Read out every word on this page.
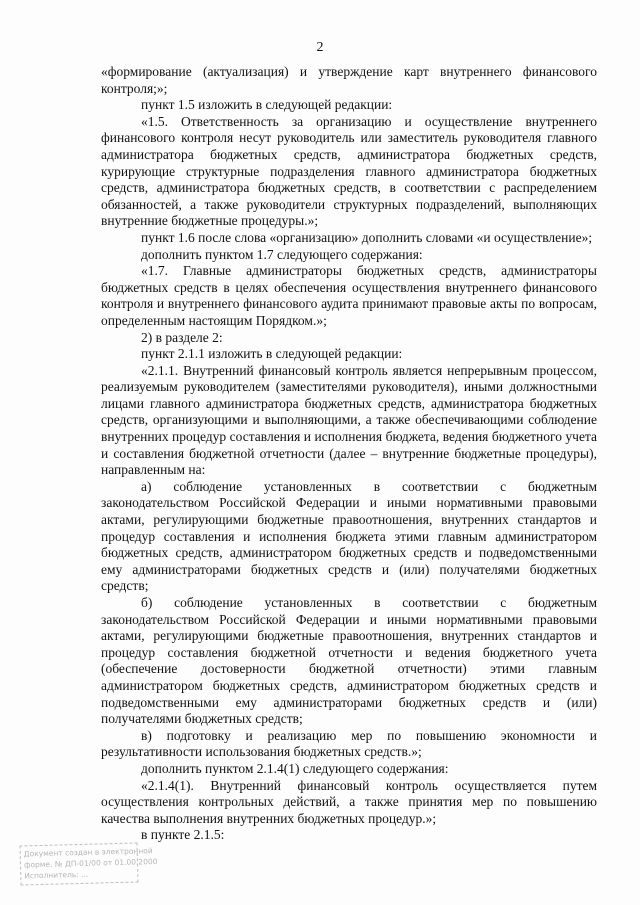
2

«формирование (актуализация) и утверждение карт внутреннего финансового контроля;»;

пункт 1.5 изложить в следующей редакции:

«1.5. Ответственность за организацию и осуществление внутреннего финансового контроля несут руководитель или заместитель руководителя главного администратора бюджетных средств, администратора бюджетных средств, курирующие структурные подразделения главного администратора бюджетных средств, администратора бюджетных средств, в соответствии с распределением обязанностей, а также руководители структурных подразделений, выполняющих внутренние бюджетные процедуры.»;

пункт 1.6 после слова «организацию» дополнить словами «и осуществление»;

дополнить пунктом 1.7 следующего содержания:

«1.7. Главные администраторы бюджетных средств, администраторы бюджетных средств в целях обеспечения осуществления внутреннего финансового контроля и внутреннего финансового аудита принимают правовые акты по вопросам, определенным настоящим Порядком.»;

2) в разделе 2:

пункт 2.1.1 изложить в следующей редакции:

«2.1.1. Внутренний финансовый контроль является непрерывным процессом, реализуемым руководителем (заместителями руководителя), иными должностными лицами главного администратора бюджетных средств, администратора бюджетных средств, организующими и выполняющими, а также обеспечивающими соблюдение внутренних процедур составления и исполнения бюджета, ведения бюджетного учета и составления бюджетной отчетности (далее – внутренние бюджетные процедуры), направленным на:

а) соблюдение установленных в соответствии с бюджетным законодательством Российской Федерации и иными нормативными правовыми актами, регулирующими бюджетные правоотношения, внутренних стандартов и процедур составления и исполнения бюджета этими главным администратором бюджетных средств, администратором бюджетных средств и подведомственными ему администраторами бюджетных средств и (или) получателями бюджетных средств;

б) соблюдение установленных в соответствии с бюджетным законодательством Российской Федерации и иными нормативными правовыми актами, регулирующими бюджетные правоотношения, внутренних стандартов и процедур составления бюджетной отчетности и ведения бюджетного учета (обеспечение достоверности бюджетной отчетности) этими главным администратором бюджетных средств, администратором бюджетных средств и подведомственными ему администраторами бюджетных средств и (или) получателями бюджетных средств;

в) подготовку и реализацию мер по повышению экономности и результативности использования бюджетных средств.»;

дополнить пунктом 2.1.4(1) следующего содержания:

«2.1.4(1). Внутренний финансовый контроль осуществляется путем осуществления контрольных действий, а также принятия мер по повышению качества выполнения внутренних бюджетных процедур.»;

в пункте 2.1.5:

Документ создан в электронной
форме. № ДП-01/00 от 01.00.2000
Исполнитель: ...
